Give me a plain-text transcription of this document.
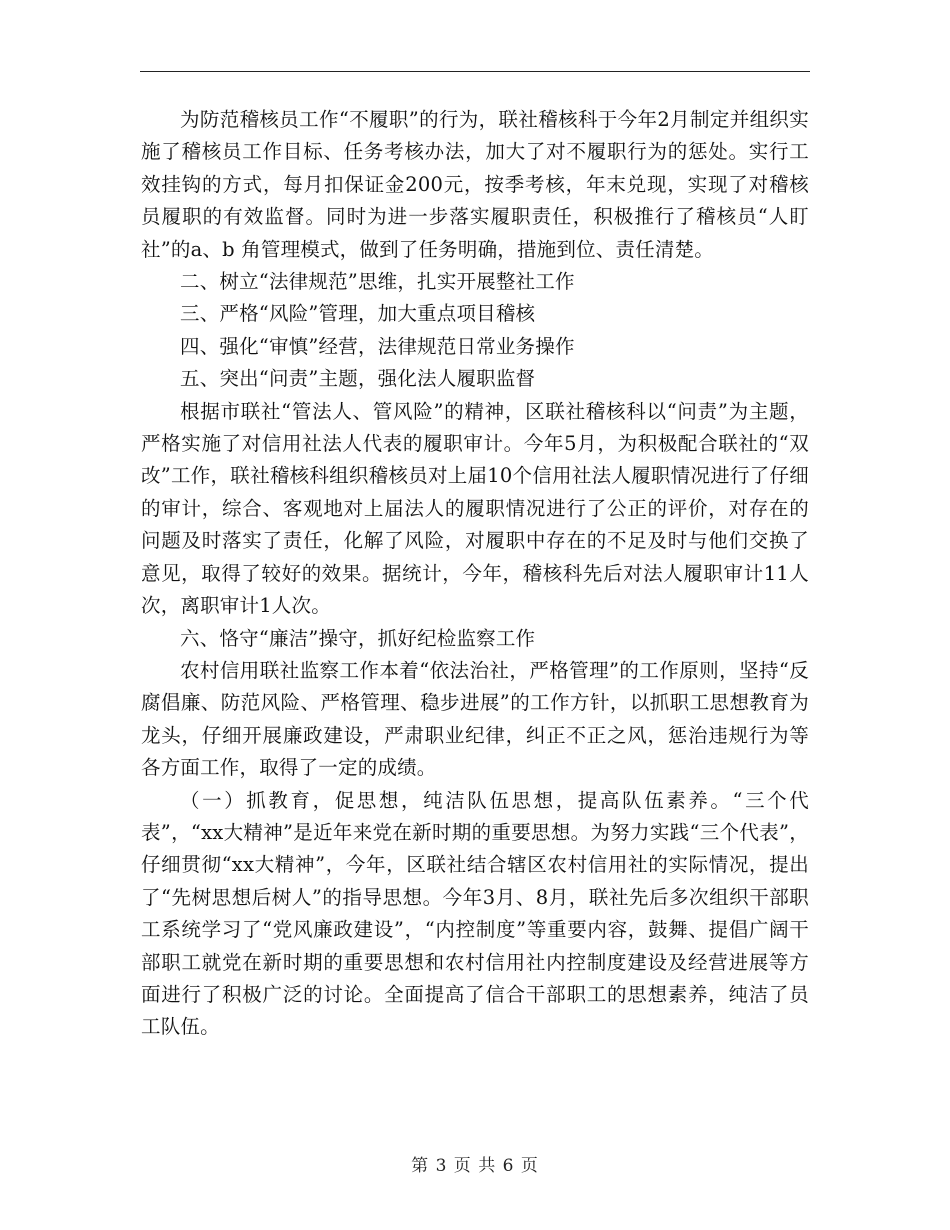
为防范稽核员工作“不履职”的行为，联社稽核科于今年2月制定并组织实施了稽核员工作目标、任务考核办法，加大了对不履职行为的惩处。实行工效挂钩的方式，每月扣保证金200元，按季考核，年末兑现，实现了对稽核员履职的有效监督。同时为进一步落实履职责任，积极推行了稽核员“人盯社”的a、b 角管理模式，做到了任务明确，措施到位、责任清楚。

二、树立“法律规范”思维，扎实开展整社工作

三、严格“风险”管理，加大重点项目稽核

四、强化“审慎”经营，法律规范日常业务操作

五、突出“问责”主题，强化法人履职监督

根据市联社“管法人、管风险”的精神，区联社稽核科以“问责”为主题，严格实施了对信用社法人代表的履职审计。今年5月，为积极配合联社的“双改”工作，联社稽核科组织稽核员对上届10个信用社法人履职情况进行了仔细的审计，综合、客观地对上届法人的履职情况进行了公正的评价，对存在的问题及时落实了责任，化解了风险，对履职中存在的不足及时与他们交换了意见，取得了较好的效果。据统计，今年，稽核科先后对法人履职审计11人次，离职审计1人次。

六、恪守“廉洁”操守，抓好纪检监察工作

农村信用联社监察工作本着“依法治社，严格管理”的工作原则，坚持“反腐倡廉、防范风险、严格管理、稳步进展”的工作方针，以抓职工思想教育为龙头，仔细开展廉政建设，严肃职业纪律，纠正不正之风，惩治违规行为等各方面工作，取得了一定的成绩。

（一）抓教育，促思想，纯洁队伍思想，提高队伍素养。“三个代表”，“xx大精神”是近年来党在新时期的重要思想。为努力实践“三个代表”，仔细贯彻“xx大精神”，今年，区联社结合辖区农村信用社的实际情况，提出了“先树思想后树人”的指导思想。今年3月、8月，联社先后多次组织干部职工系统学习了“党风廉政建设”，“内控制度”等重要内容，鼓舞、提倡广阔干部职工就党在新时期的重要思想和农村信用社内控制度建设及经营进展等方面进行了积极广泛的讨论。全面提高了信合干部职工的思想素养，纯洁了员工队伍。

第 3 页 共 6 页
